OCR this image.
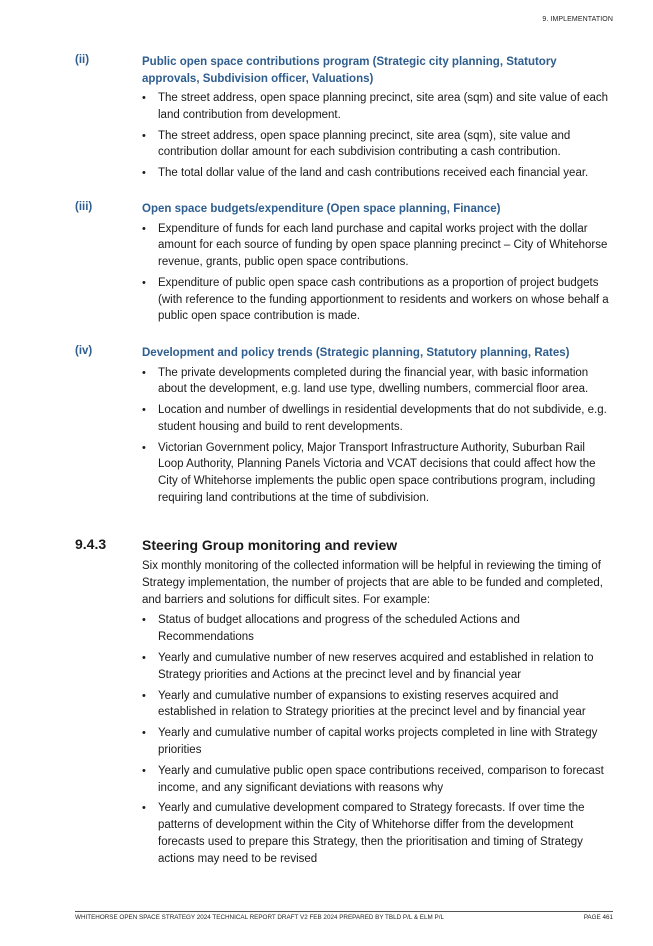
9. IMPLEMENTATION
(ii)	Public open space contributions program (Strategic city planning, Statutory approvals, Subdivision officer, Valuations)
• The street address, open space planning precinct, site area (sqm) and site value of each land contribution from development.
• The street address, open space planning precinct, site area (sqm), site value and contribution dollar amount for each subdivision contributing a cash contribution.
• The total dollar value of the land and cash contributions received each financial year.
(iii)	Open space budgets/expenditure (Open space planning, Finance)
• Expenditure of funds for each land purchase and capital works project with the dollar amount for each source of funding by open space planning precinct – City of Whitehorse revenue, grants, public open space contributions.
• Expenditure of public open space cash contributions as a proportion of project budgets (with reference to the funding apportionment to residents and workers on whose behalf a public open space contribution is made.
(iv)	Development and policy trends (Strategic planning, Statutory planning, Rates)
• The private developments completed during the financial year, with basic information about the development, e.g. land use type, dwelling numbers, commercial floor area.
• Location and number of dwellings in residential developments that do not subdivide, e.g. student housing and build to rent developments.
• Victorian Government policy, Major Transport Infrastructure Authority, Suburban Rail Loop Authority, Planning Panels Victoria and VCAT decisions that could affect how the City of Whitehorse implements the public open space contributions program, including requiring land contributions at the time of subdivision.
9.4.3	Steering Group monitoring and review
Six monthly monitoring of the collected information will be helpful in reviewing the timing of Strategy implementation, the number of projects that are able to be funded and completed, and barriers and solutions for difficult sites. For example:
• Status of budget allocations and progress of the scheduled Actions and Recommendations
• Yearly and cumulative number of new reserves acquired and established in relation to Strategy priorities and Actions at the precinct level and by financial year
• Yearly and cumulative number of expansions to existing reserves acquired and established in relation to Strategy priorities at the precinct level and by financial year
• Yearly and cumulative number of capital works projects completed in line with Strategy priorities
• Yearly and cumulative public open space contributions received, comparison to forecast income, and any significant deviations with reasons why
• Yearly and cumulative development compared to Strategy forecasts. If over time the patterns of development within the City of Whitehorse differ from the development forecasts used to prepare this Strategy, then the prioritisation and timing of Strategy actions may need to be revised
WHITEHORSE OPEN SPACE STRATEGY 2024 TECHNICAL REPORT DRAFT V2 FEB 2024 PREPARED BY TBLD P/L & ELM P/L	PAGE 461
